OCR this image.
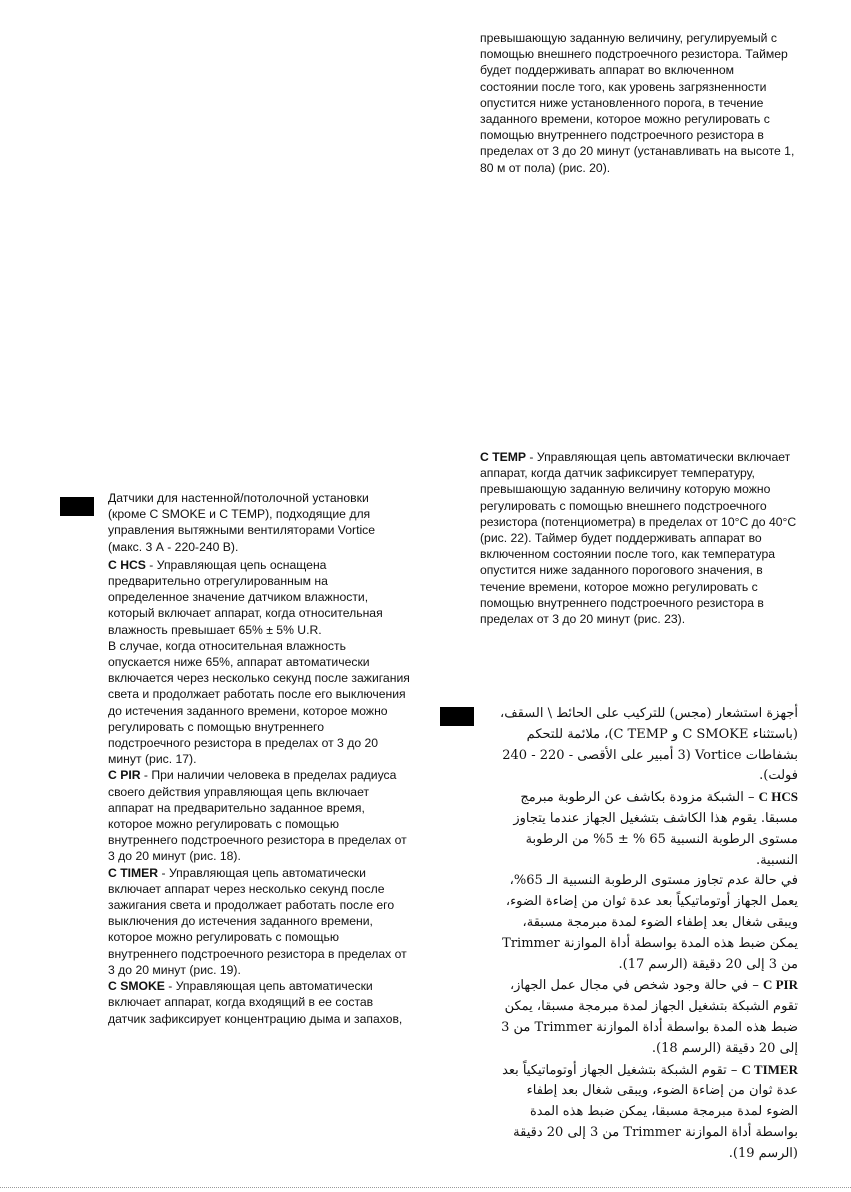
превышающую заданную величину, регулируемый с помощью внешнего подстроечного резистора. Таймер будет поддерживать аппарат во включенном состоянии после того, как уровень загрязненности опустится ниже установленного порога, в течение заданного времени, которое можно регулировать с помощью внутреннего подстроечного резистора в пределах от 3 до 20 минут (устанавливать на высоте 1, 80 м от пола) (рис. 20).

Датчики для настенной/потолочной установки (кроме C SMOKE и C TEMP), подходящие для управления вытяжными вентиляторами Vortice (макс. 3 А - 220-240 В).

C HCS - Управляющая цепь оснащена предварительно отрегулированным на определенное значение датчиком влажности, который включает аппарат, когда относительная влажность превышает 65% ± 5% U.R.

В случае, когда относительная влажность опускается ниже 65%, аппарат автоматически включается через несколько секунд после зажигания света и продолжает работать после его выключения до истечения заданного времени, которое можно регулировать с помощью внутреннего подстроечного резистора в пределах от 3 до 20 минут (рис. 17).

C PIR - При наличии человека в пределах радиуса своего действия управляющая цепь включает аппарат на предварительно заданное время, которое можно регулировать с помощью внутреннего подстроечного резистора в пределах от 3 до 20 минут (рис. 18).

C TIMER - Управляющая цепь автоматически включает аппарат через несколько секунд после зажигания света и продолжает работать после его выключения до истечения заданного времени, которое можно регулировать с помощью внутреннего подстроечного резистора в пределах от 3 до 20 минут (рис. 19).

C SMOKE - Управляющая цепь автоматически включает аппарат, когда входящий в ее состав датчик зафиксирует концентрацию дыма и запахов,

C TEMP - Управляющая цепь автоматически включает аппарат, когда датчик зафиксирует температуру, превышающую заданную величину которую можно регулировать с помощью внешнего подстроечного резистора (потенциометра) в пределах от 10°C до 40°C (рис. 22). Таймер будет поддерживать аппарат во включенном состоянии после того, как температура опустится ниже заданного порогового значения, в течение времени, которое можно регулировать с помощью внутреннего подстроечного резистора в пределах от 3 до 20 минут (рис. 23).

أجهزة استشعار (مجس) للتركيب على الحائط \ السقف، (باستثناء C SMOKE و C TEMP)، ملائمة للتحكم بشفاطات Vortice (3 أمبير على الأقصى - 220 - 240 فولت).

C HCS – الشبكة مزودة بكاشف عن الرطوبة مبرمج مسبقا. يقوم هذا الكاشف بتشغيل الجهاز عندما يتجاوز مستوى الرطوبة النسبية 65 % ± 5% من الرطوبة النسبية.

في حالة عدم تجاوز مستوى الرطوبة النسبية الـ 65%، يعمل الجهاز أوتوماتيكياً بعد عدة ثوان من إضاءة الضوء، ويبقى شغال بعد إطفاء الضوء لمدة مبرمجة مسبقة، يمكن ضبط هذه المدة بواسطة أداة الموازنة Trimmer من 3 إلى 20 دقيقة (الرسم 17).

C PIR – في حالة وجود شخص في مجال عمل الجهاز، تقوم الشبكة بتشغيل الجهاز لمدة مبرمجة مسبقا، يمكن ضبط هذه المدة بواسطة أداة الموازنة Trimmer من 3 إلى 20 دقيقة (الرسم 18).

C TIMER – تقوم الشبكة بتشغيل الجهاز أوتوماتيكياً بعد عدة ثوان من إضاءة الضوء، ويبقى شغال بعد إطفاء الضوء لمدة مبرمجة مسبقا، يمكن ضبط هذه المدة بواسطة أداة الموازنة Trimmer من 3 إلى 20 دقيقة (الرسم 19).
